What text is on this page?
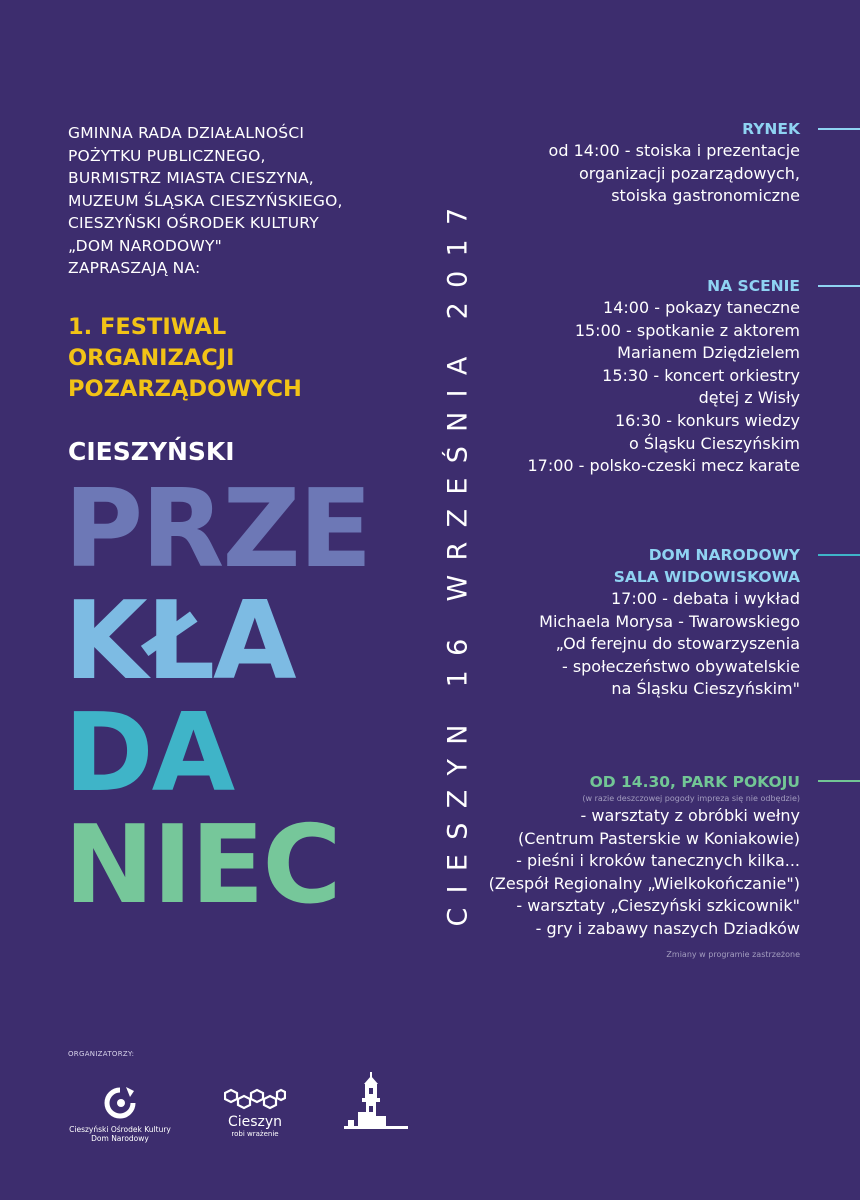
GMINNA RADA DZIAŁALNOŚCI
POŻYTKU PUBLICZNEGO,
BURMISTRZ MIASTA CIESZYNA,
MUZEUM ŚLĄSKA CIESZYŃSKIEGO,
CIESZYŃSKI OŚRODEK KULTURY
„DOM NARODOWY"
ZAPRASZAJĄ NA:
1. FESTIWAL
ORGANIZACJI
POZARZĄDOWYCH
CIESZYŃSKI
PRZE
KŁA
DA
NIEC	CIESZYN 16 WRZEŚNIA 2017
RYNEK
od 14:00 - stoiska i prezentacje
organizacji pozarządowych,
stoiska gastronomiczne
NA SCENIE
14:00 - pokazy taneczne
15:00 - spotkanie z aktorem
Marianem Dziędzielem
15:30 - koncert orkiestry
dętej z Wisły
16:30 - konkurs wiedzy
o Śląsku Cieszyńskim
17:00 - polsko-czeski mecz karate
DOM NARODOWY
SALA WIDOWISKOWA
17:00 - debata i wykład
Michaela Morysa - Twarowskiego
„Od ferejnu do stowarzyszenia
- społeczeństwo obywatelskie
na Śląsku Cieszyńskim"
OD 14.30, PARK POKOJU
(w razie deszczowej pogody impreza się nie odbędzie)
- warsztaty z obróbki wełny
(Centrum Pasterskie w Koniakowie)
- pieśni i kroków tanecznych kilka...
(Zespół Regionalny „Wielkokończanie")
- warsztaty „Cieszyński szkicownik"
- gry i zabawy naszych Dziadków
Zmiany w programie zastrzeżone
ORGANIZATORZY:
Cieszyński Ośrodek Kultury
Dom Narodowy
Cieszyn
robi wrażenie
